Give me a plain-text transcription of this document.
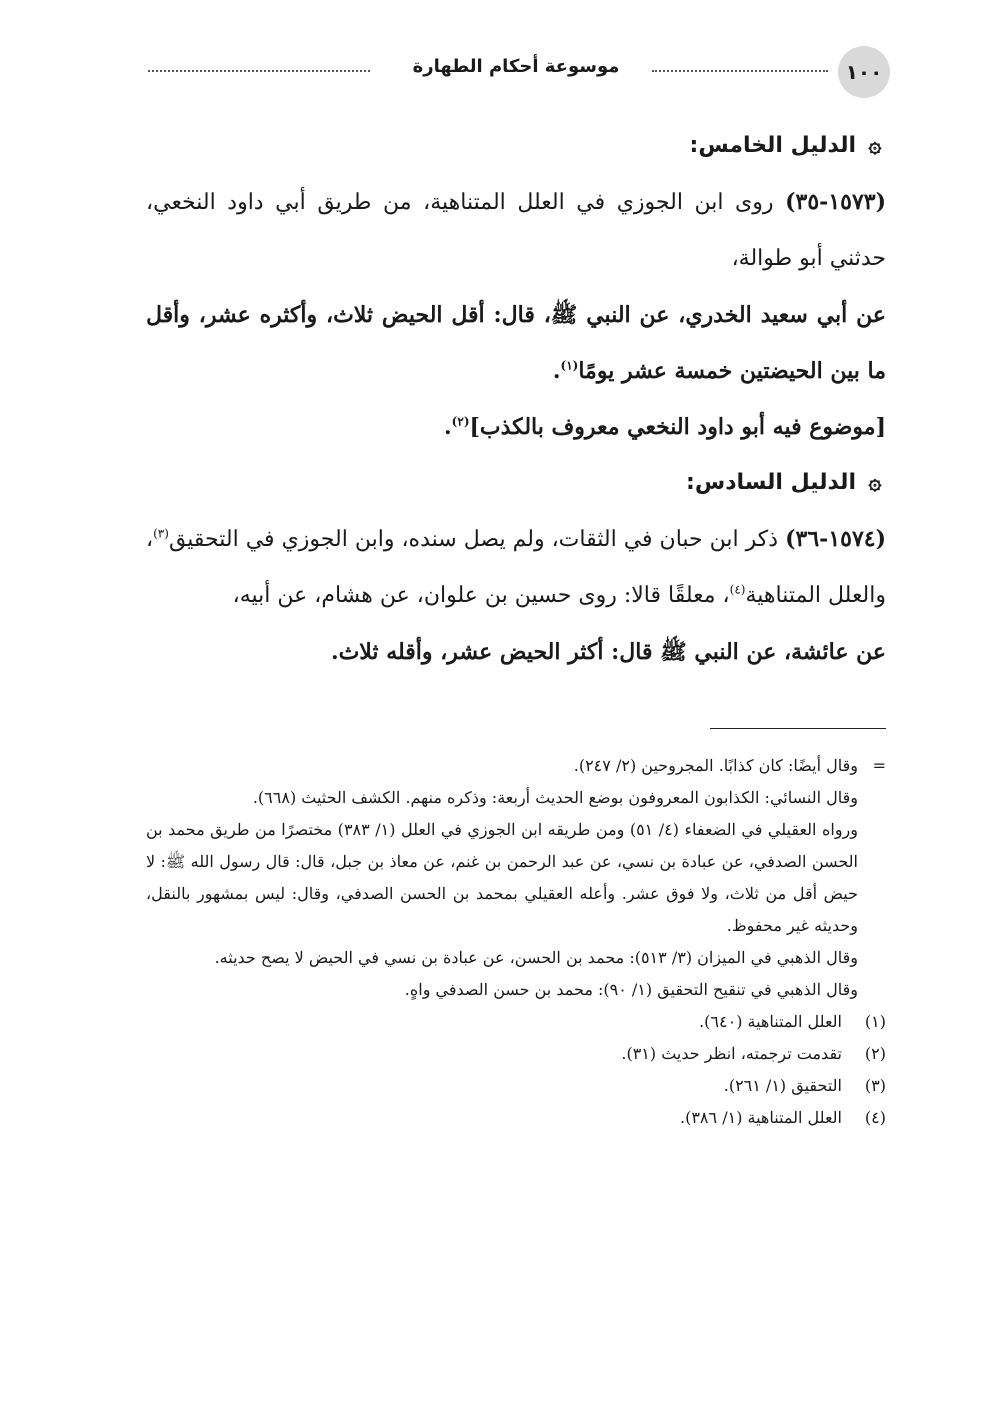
١٠٠
موسوعة أحكام الطهارة

۞الدليل الخامس:

(١٥٧٣-٣٥) روى ابن الجوزي في العلل المتناهية، من طريق أبي داود النخعي، حدثني أبو طوالة،

عن أبي سعيد الخدري، عن النبي ﷺ، قال: أقل الحيض ثلاث، وأكثره عشر، وأقل ما بين الحيضتين خمسة عشر يومًا$^{(١)}$.

[موضوع فيه أبو داود النخعي معروف بالكذب]$^{(٢)}$.

۞الدليل السادس:

(١٥٧٤-٣٦) ذكر ابن حبان في الثقات، ولم يصل سنده، وابن الجوزي في التحقيق$^{(٣)}$، والعلل المتناهية$^{(٤)}$، معلقًا قالا: روى حسين بن علوان، عن هشام، عن أبيه،

عن عائشة، عن النبي ﷺ قال: أكثر الحيض عشر، وأقله ثلاث.

=
وقال أيضًا: كان كذابًا. المجروحين (٢/ ٢٤٧).

وقال النسائي: الكذابون المعروفون بوضع الحديث أربعة: وذكره منهم. الكشف الحثيث (٦٦٨).

ورواه العقيلي في الضعفاء (٤/ ٥١) ومن طريقه ابن الجوزي في العلل (١/ ٣٨٣) مختصرًا من طريق محمد بن الحسن الصدفي، عن عبادة بن نسي، عن عبد الرحمن بن غنم، عن معاذ بن جبل، قال: قال رسول الله ﷺ: لا حيض أقل من ثلاث، ولا فوق عشر. وأعله العقيلي بمحمد بن الحسن الصدفي، وقال: ليس بمشهور بالنقل، وحديثه غير محفوظ.

وقال الذهبي في الميزان (٣/ ٥١٣): محمد بن الحسن، عن عبادة بن نسي في الحيض لا يصح حديثه.

وقال الذهبي في تنقيح التحقيق (١/ ٩٠): محمد بن حسن الصدفي واهٍ.

(١)
العلل المتناهية (٦٤٠).
(٢)
تقدمت ترجمته، انظر حديث (٣١).
(٣)
التحقيق (١/ ٢٦١).
(٤)
العلل المتناهية (١/ ٣٨٦).
